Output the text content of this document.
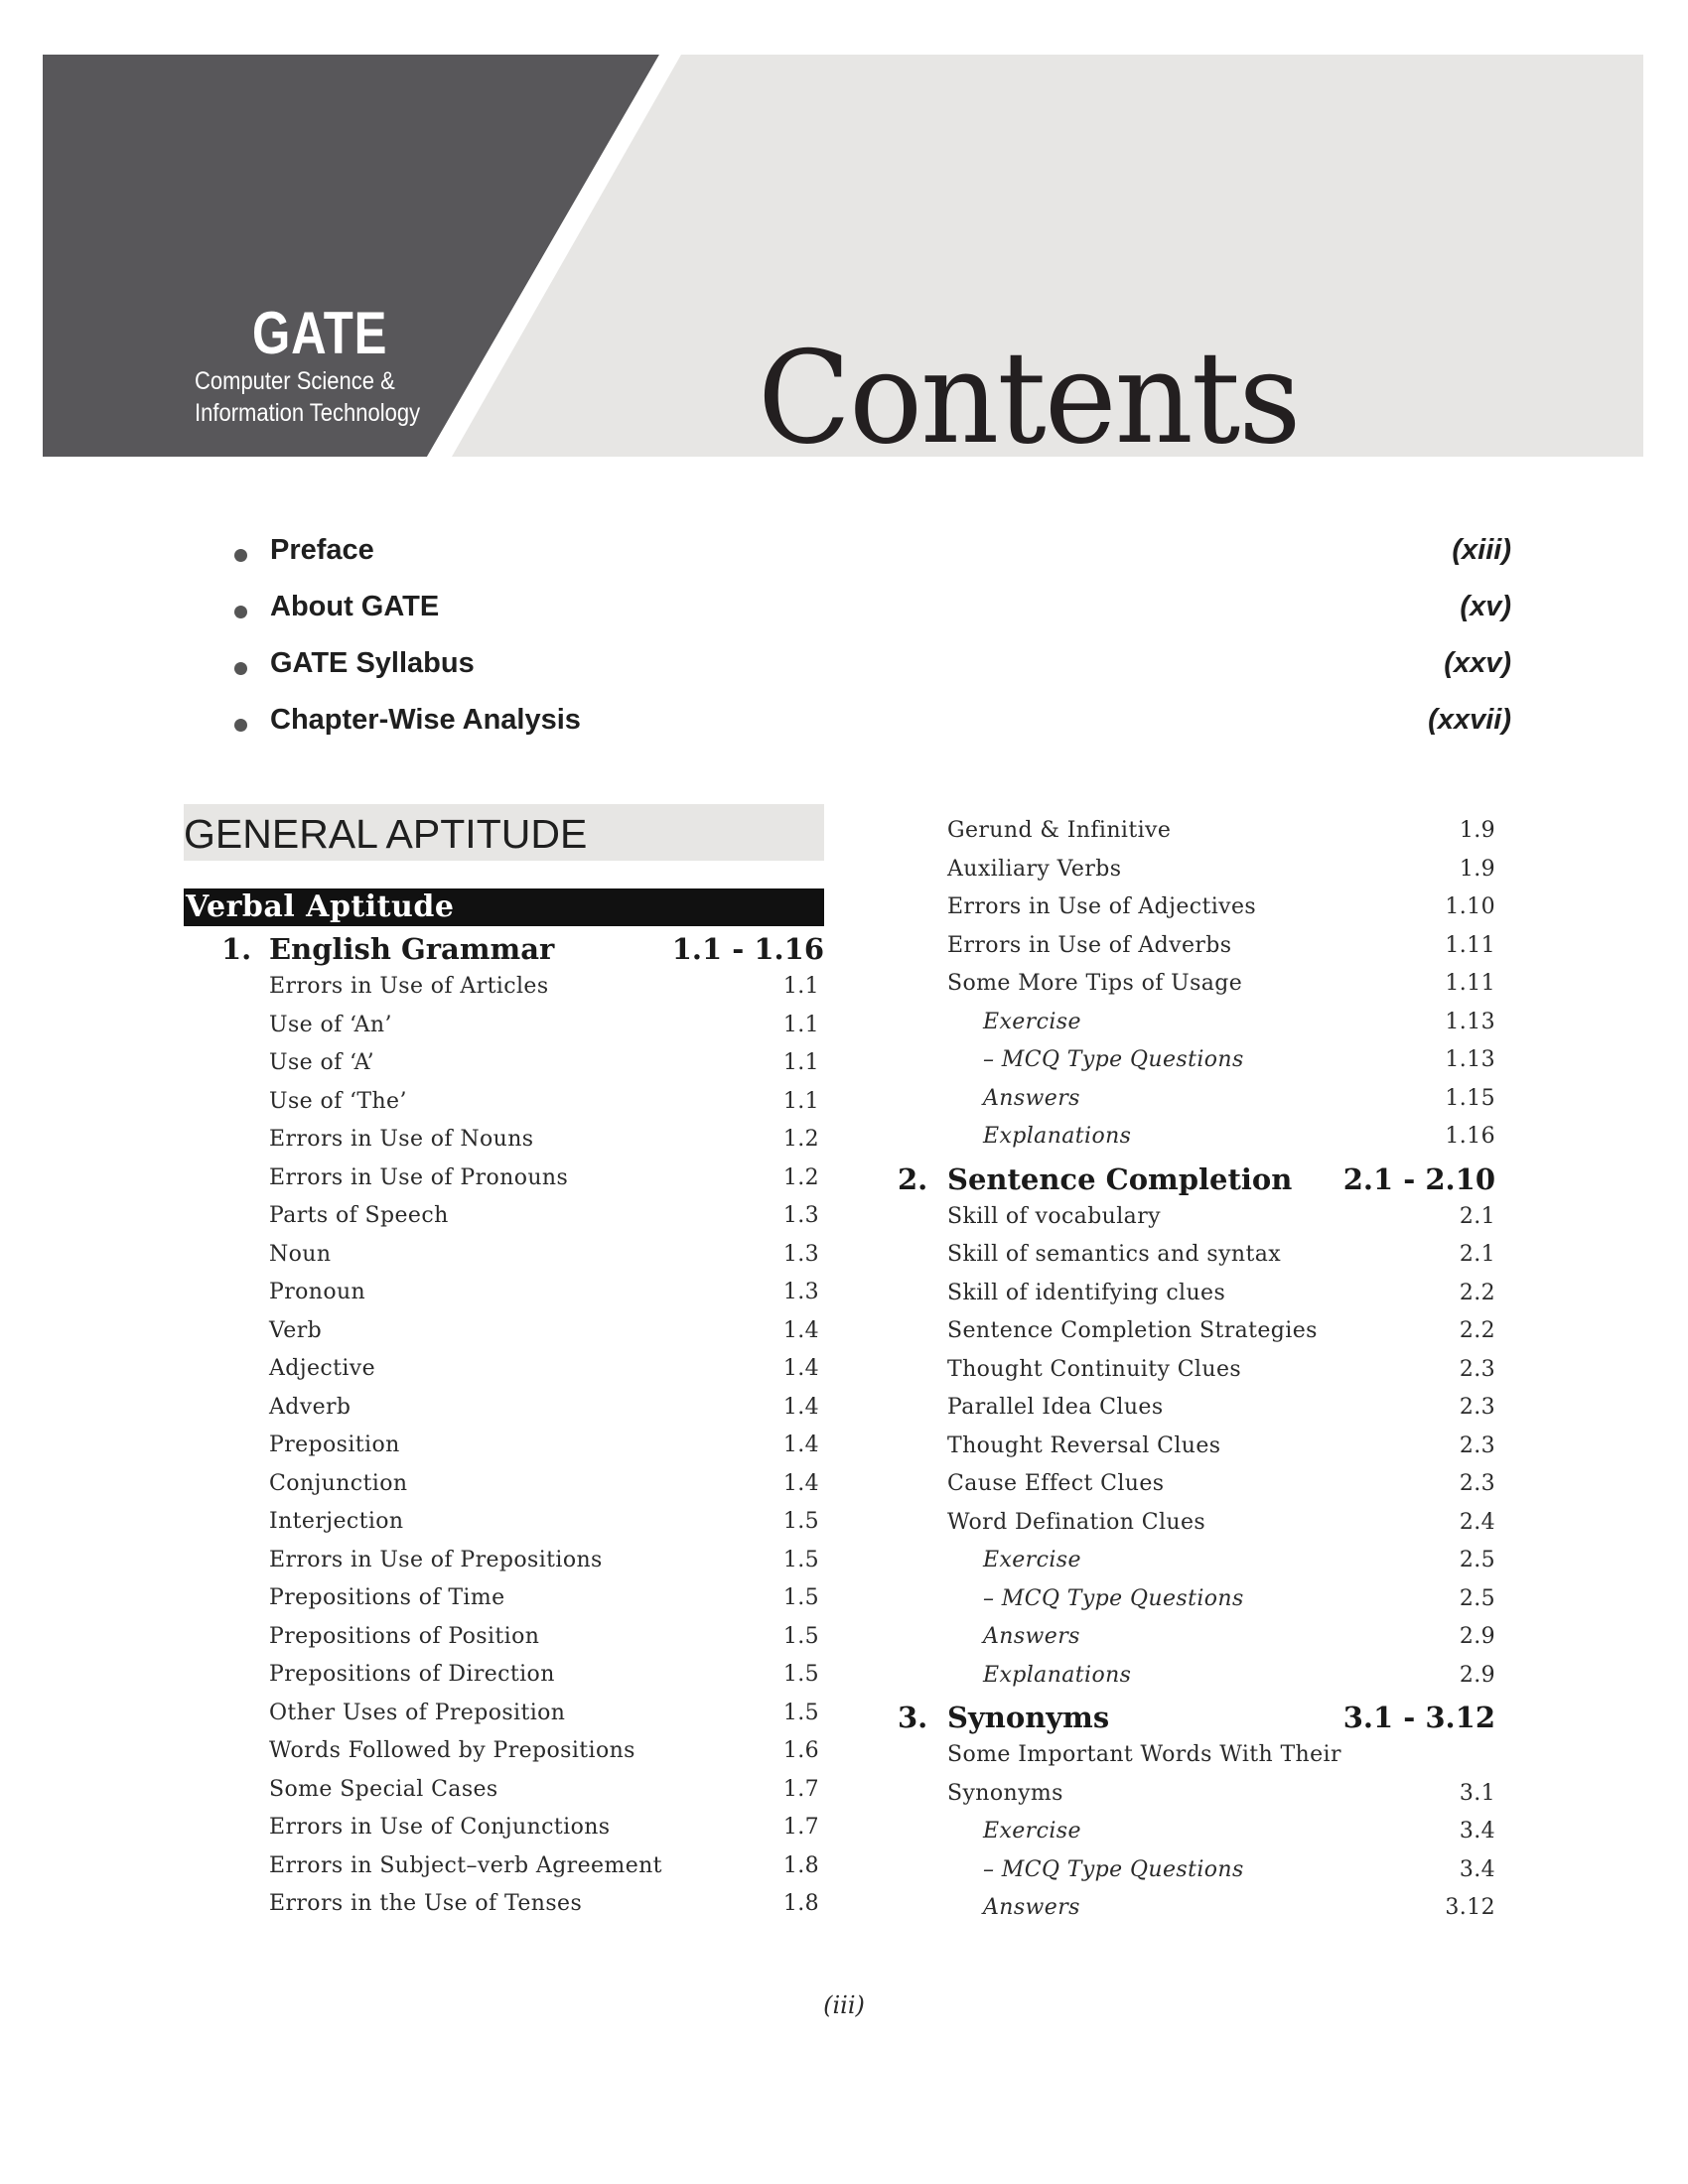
GATE
Computer Science &
Information Technology	Contents
Preface	(xiii)
About GATE	(xv)
GATE Syllabus	(xxv)
Chapter-Wise Analysis	(xxvii)
GENERAL APTITUDE
Verbal Aptitude
1. English Grammar	1.1 - 1.16
Errors in Use of Articles	1.1
Use of ‘An’	1.1
Use of ‘A’	1.1
Use of ‘The’	1.1
Errors in Use of Nouns	1.2
Errors in Use of Pronouns	1.2
Parts of Speech	1.3
Noun	1.3
Pronoun	1.3
Verb	1.4
Adjective	1.4
Adverb	1.4
Preposition	1.4
Conjunction	1.4
Interjection	1.5
Errors in Use of Prepositions	1.5
Prepositions of Time	1.5
Prepositions of Position	1.5
Prepositions of Direction	1.5
Other Uses of Preposition	1.5
Words Followed by Prepositions	1.6
Some Special Cases	1.7
Errors in Use of Conjunctions	1.7
Errors in Subject–verb Agreement	1.8
Errors in the Use of Tenses	1.8
Gerund & Infinitive	1.9
Auxiliary Verbs	1.9
Errors in Use of Adjectives	1.10
Errors in Use of Adverbs	1.11
Some More Tips of Usage	1.11
Exercise	1.13
– MCQ Type Questions	1.13
Answers	1.15
Explanations	1.16
2. Sentence Completion 2.1 - 2.10
Skill of vocabulary	2.1
Skill of semantics and syntax	2.1
Skill of identifying clues	2.2
Sentence Completion Strategies	2.2
Thought Continuity Clues	2.3
Parallel Idea Clues	2.3
Thought Reversal Clues	2.3
Cause Effect Clues	2.3
Word Defination Clues	2.4
Exercise	2.5
– MCQ Type Questions	2.5
Answers	2.9
Explanations	2.9
3. Synonyms	3.1 - 3.12
Some Important Words With Their
Synonyms	3.1
Exercise	3.4
– MCQ Type Questions	3.4
Answers	3.12
(iii)
